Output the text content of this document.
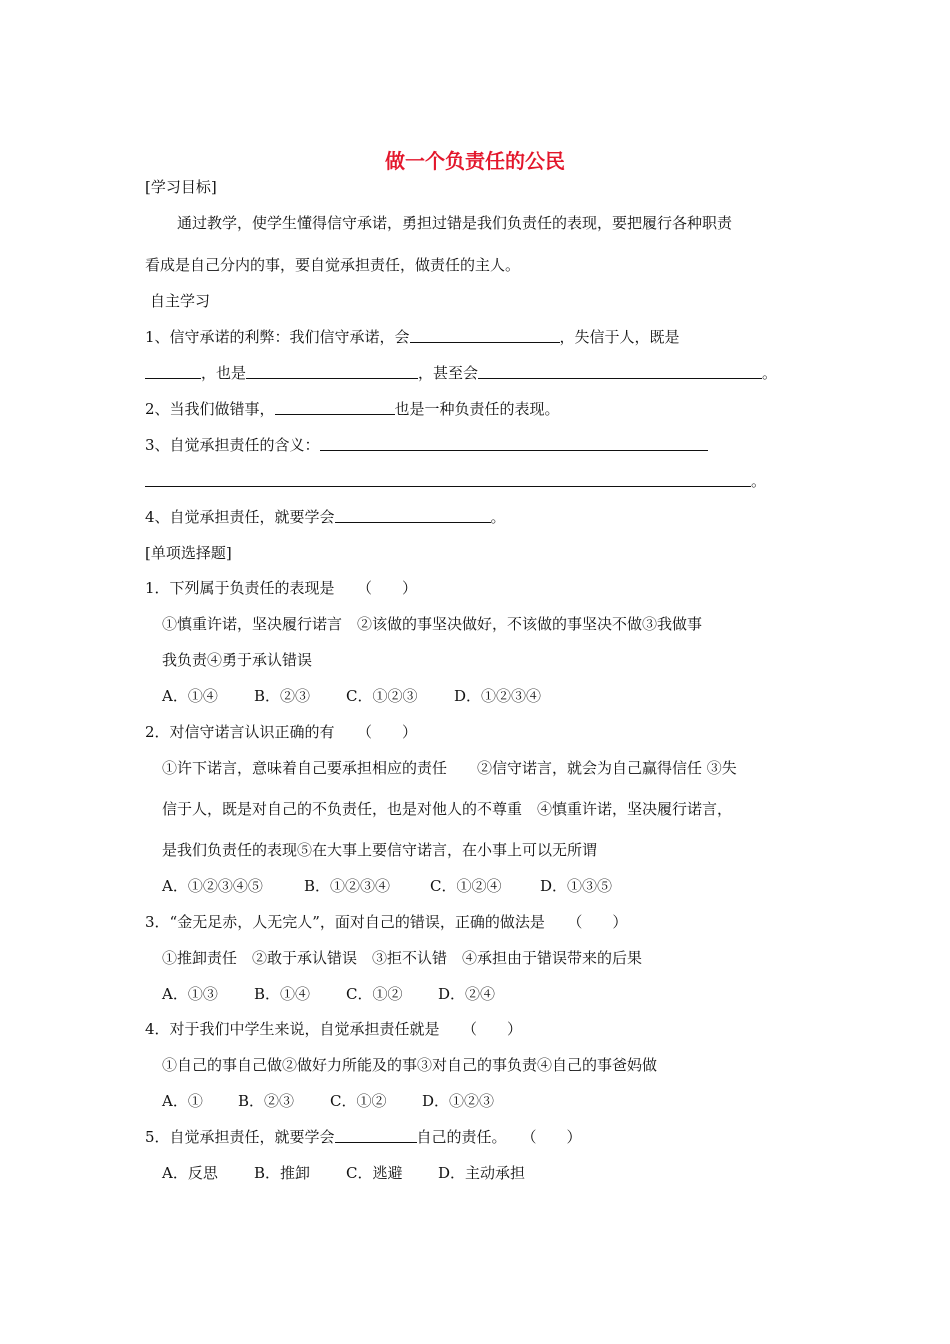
做一个负责任的公民
[学习目标]
通过教学，使学生懂得信守承诺，勇担过错是我们负责任的表现，要把履行各种职责
看成是自己分内的事，要自觉承担责任，做责任的主人。
自主学习
1、信守承诺的利弊：我们信守承诺，会	，失信于人，既是
，也是	，甚至会	。
2、当我们做错事，	也是一种负责任的表现。
3、自觉承担责任的含义：
。
4、自觉承担责任，就要学会	。
[单项选择题]
1．下列属于负责任的表现是　　（　　）
①慎重许诺，坚决履行诺言　②该做的事坚决做好，不该做的事坚决不做③我做事
我负责④勇于承认错误
A．①④ B．②③ C．①②③ D．①②③④
2．对信守诺言认识正确的有　　（　　）
①许下诺言，意味着自己要承担相应的责任　　②信守诺言，就会为自己赢得信任 ③失
信于人，既是对自己的不负责任，也是对他人的不尊重　④慎重许诺，坚决履行诺言，
是我们负责任的表现⑤在大事上要信守诺言，在小事上可以无所谓
A．①②③④⑤	B．①②③④	C．①②④	D．①③⑤
3．“金无足赤，人无完人”，面对自己的错误，正确的做法是　　（　　）
①推卸责任　②敢于承认错误　③拒不认错　④承担由于错误带来的后果
A．①③ B．①④ C．①② D．②④
4．对于我们中学生来说，自觉承担责任就是　　（　　）
①自己的事自己做②做好力所能及的事③对自己的事负责④自己的事爸妈做
A．① B．②③ C．①② D．①②③
5．自觉承担责任，就要学会	自己的责任。　　（　　）
A．反思 B．推卸 C．逃避 D．主动承担
